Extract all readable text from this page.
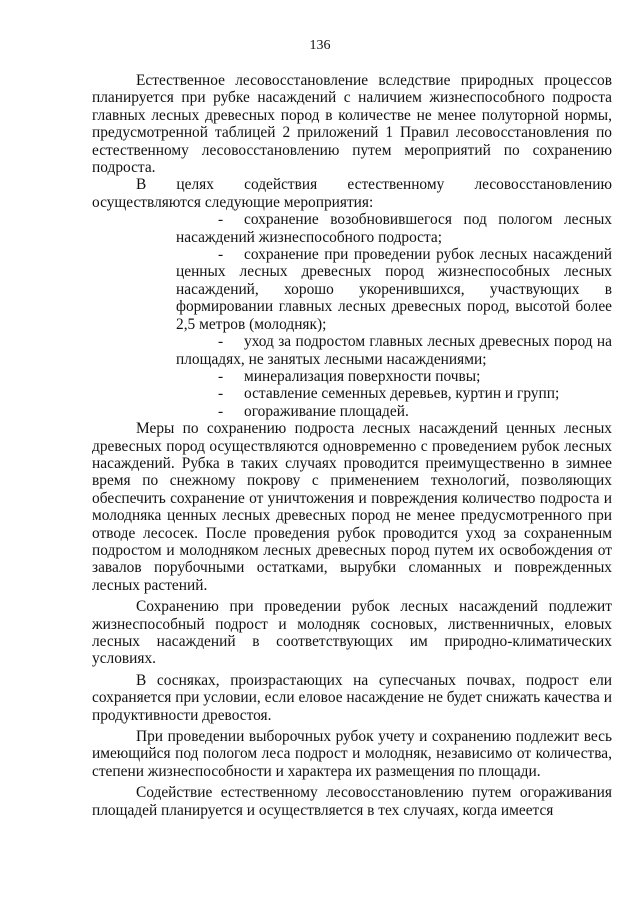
136

Естественное лесовосстановление вследствие природных процессов планируется при рубке насаждений с наличием жизнеспособного подроста главных лесных древесных пород в количестве не менее полуторной нормы, предусмотренной таблицей 2 приложений 1 Правил лесовосстановления по естественному лесовосстановлению путем мероприятий по сохранению подроста.

В целях содействия естественному лесовосстановлению осуществляются следующие мероприятия:

-	сохранение возобновившегося под пологом лесных насаждений жизнеспособного подроста;

-	сохранение при проведении рубок лесных насаждений ценных лесных древесных пород жизнеспособных лесных насаждений, хорошо укоренившихся, участвующих в формировании главных лесных древесных пород, высотой более 2,5 метров (молодняк);

-	уход за подростом главных лесных древесных пород на площадях, не занятых лесными насаждениями;

-	минерализация поверхности почвы;

-	оставление семенных деревьев, куртин и групп;

-	огораживание площадей.

Меры по сохранению подроста лесных насаждений ценных лесных древесных пород осуществляются одновременно с проведением рубок лесных насаждений. Рубка в таких случаях проводится преимущественно в зимнее время по снежному покрову с применением технологий, позволяющих обеспечить сохранение от уничтожения и повреждения количество подроста и молодняка ценных лесных древесных пород не менее предусмотренного при отводе лесосек. После проведения рубок проводится уход за сохраненным подростом и молодняком лесных древесных пород путем их освобождения от завалов порубочными остатками, вырубки сломанных и поврежденных лесных растений.

Сохранению при проведении рубок лесных насаждений подлежит жизнеспособный подрост и молодняк сосновых, лиственничных, еловых лесных насаждений в соответствующих им природно-климатических условиях.

В сосняках, произрастающих на супесчаных почвах, подрост ели сохраняется при условии, если еловое насаждение не будет снижать качества и продуктивности древостоя.

При проведении выборочных рубок учету и сохранению подлежит весь имеющийся под пологом леса подрост и молодняк, независимо от количества, степени жизнеспособности и характера их размещения по площади.

Содействие естественному лесовосстановлению путем огораживания площадей планируется и осуществляется в тех случаях, когда имеется
